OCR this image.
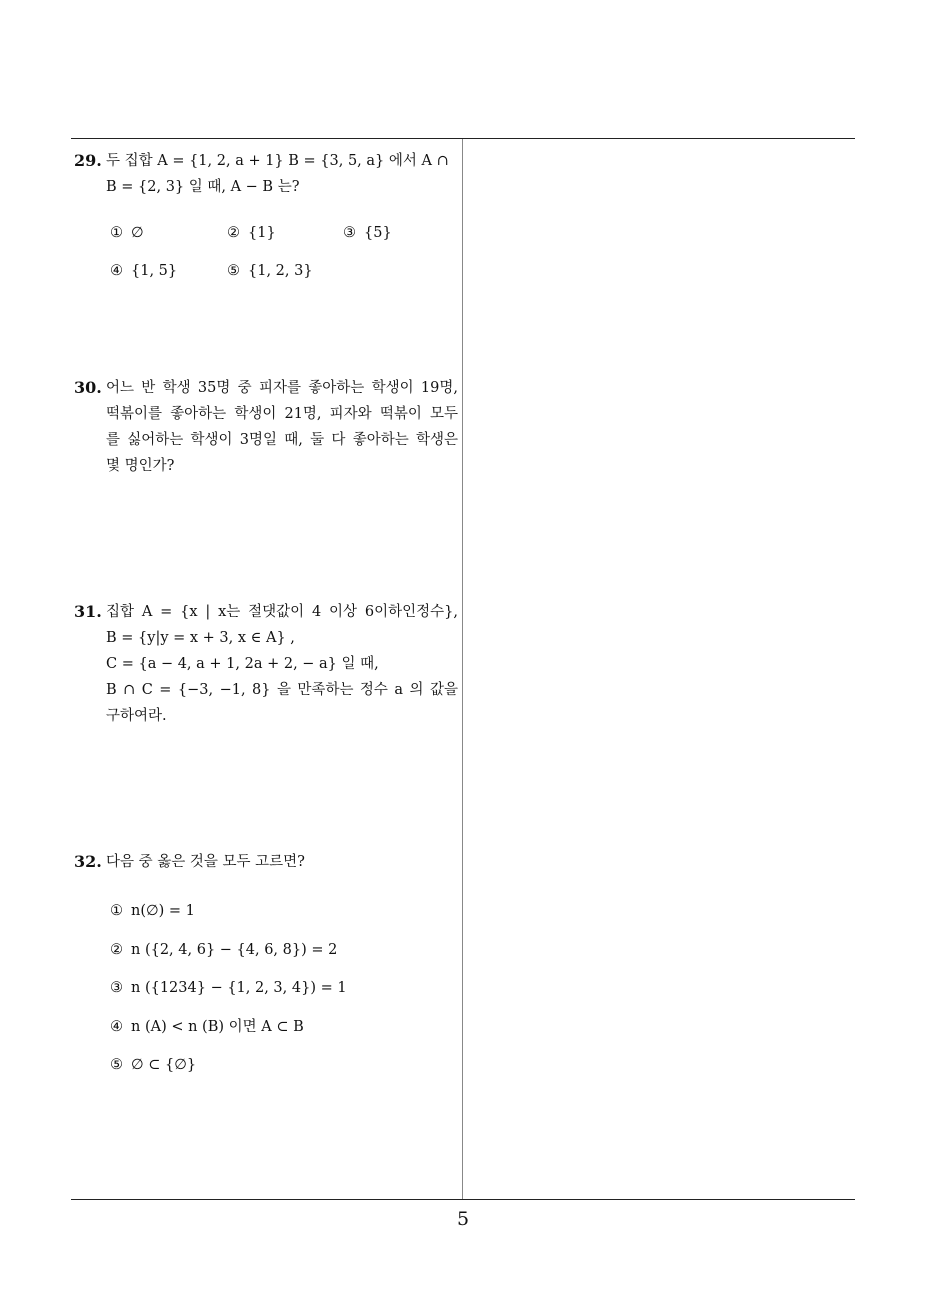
29. 두 집합 A = {1, 2, a + 1} B = {3, 5, a} 에서 A ∩
B = {2, 3} 일 때, A − B 는?
① ∅	② {1}	③ {5}
④ {1, 5}	⑤ {1, 2, 3}
30. 어느 반 학생 35명 중 피자를 좋아하는 학생이 19명,
떡볶이를 좋아하는 학생이 21명, 피자와 떡볶이 모두
를 싫어하는 학생이 3명일 때, 둘 다 좋아하는 학생은
몇 명인가?
31. 집합 A = {x | x는 절댓값이 4 이상 6이하인정수},
B = {y|y = x + 3, x ∈ A} ,
C = {a − 4, a + 1, 2a + 2, − a} 일 때,
B ∩ C = {−3, −1, 8} 을 만족하는 정수 a 의 값을
구하여라.
32. 다음 중 옳은 것을 모두 고르면?
① n(∅) = 1
② n ({2, 4, 6} − {4, 6, 8}) = 2
③ n ({1234} − {1, 2, 3, 4}) = 1
④ n (A) < n (B) 이면 A ⊂ B
⑤ ∅ ⊂ {∅}
5
